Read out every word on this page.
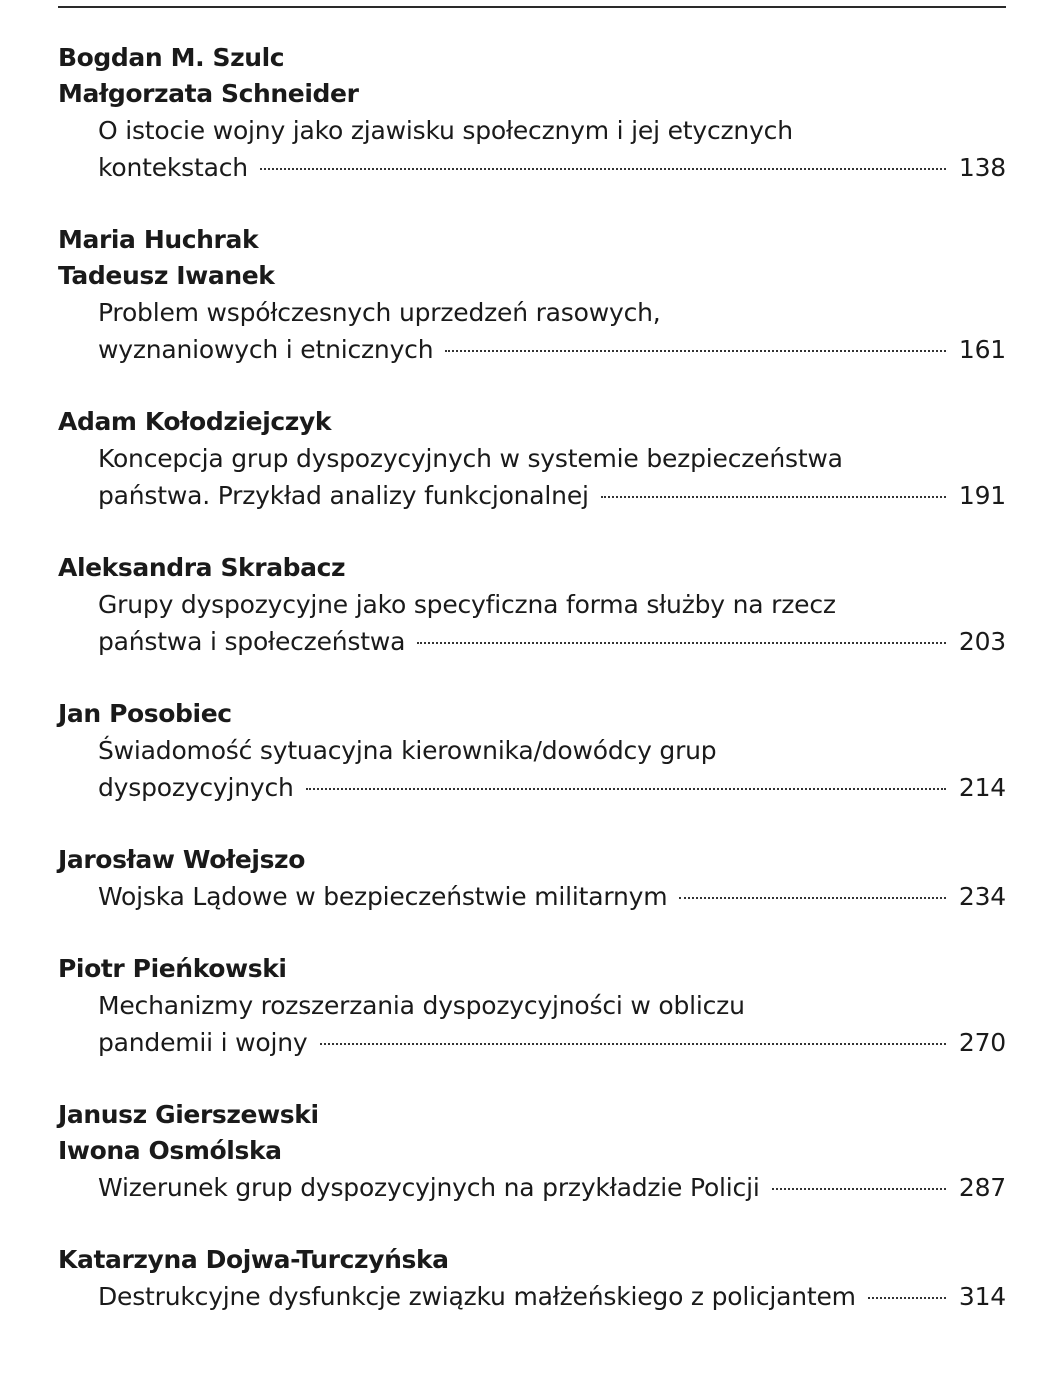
Bogdan M. Szulc
Małgorzata Schneider
O istocie wojny jako zjawisku społecznym i jej etycznych
kontekstach	138
Maria Huchrak
Tadeusz Iwanek
Problem współczesnych uprzedzeń rasowych,
wyznaniowych i etnicznych	161
Adam Kołodziejczyk
Koncepcja grup dyspozycyjnych w systemie bezpieczeństwa
państwa. Przykład analizy funkcjonalnej	191
Aleksandra Skrabacz
Grupy dyspozycyjne jako specyficzna forma służby na rzecz
państwa i społeczeństwa	203
Jan Posobiec
Świadomość sytuacyjna kierownika/dowódcy grup
dyspozycyjnych	214
Jarosław Wołejszo
Wojska Lądowe w bezpieczeństwie militarnym	234
Piotr Pieńkowski
Mechanizmy rozszerzania dyspozycyjności w obliczu
pandemii i wojny	270
Janusz Gierszewski
Iwona Osmólska
Wizerunek grup dyspozycyjnych na przykładzie Policji	287
Katarzyna Dojwa-Turczyńska
Destrukcyjne dysfunkcje związku małżeńskiego z policjantem	314
